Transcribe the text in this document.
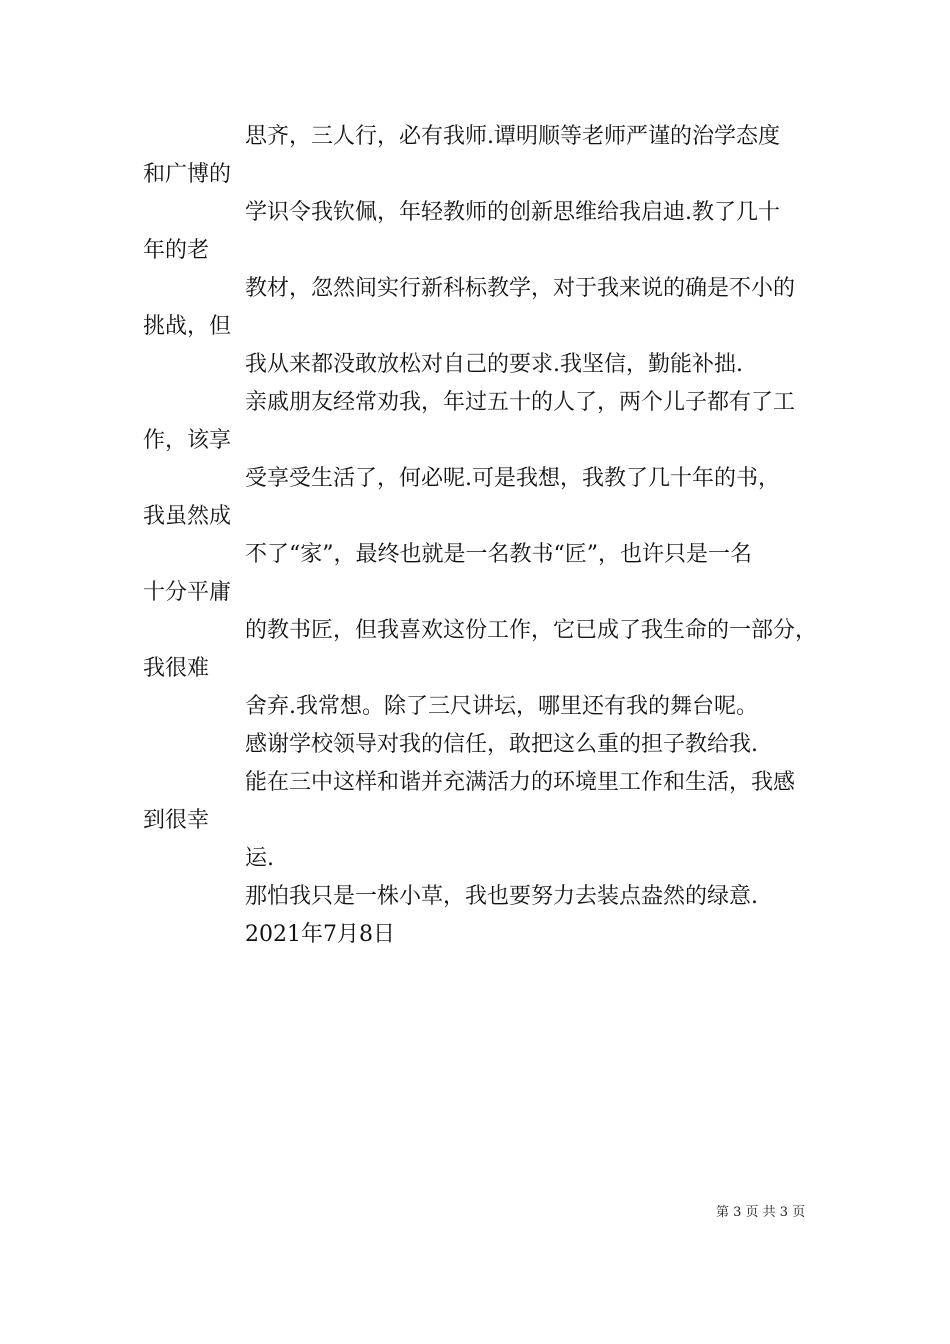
思齐，三人行，必有我师.谭明顺等老师严谨的治学态度
和广博的
学识令我钦佩，年轻教师的创新思维给我启迪.教了几十
年的老
教材，忽然间实行新科标教学，对于我来说的确是不小的
挑战，但
我从来都没敢放松对自己的要求.我坚信，勤能补拙.
亲戚朋友经常劝我，年过五十的人了，两个儿子都有了工
作，该享
受享受生活了，何必呢.可是我想，我教了几十年的书，
我虽然成
不了“家”，最终也就是一名教书“匠”，也许只是一名
十分平庸
的教书匠，但我喜欢这份工作，它已成了我生命的一部分，
我很难
舍弃.我常想。除了三尺讲坛，哪里还有我的舞台呢。
感谢学校领导对我的信任，敢把这么重的担子教给我.
能在三中这样和谐并充满活力的环境里工作和生活，我感
到很幸
运.
那怕我只是一株小草，我也要努力去装点盎然的绿意.
2021年7月8日
第 3 页 共 3 页
